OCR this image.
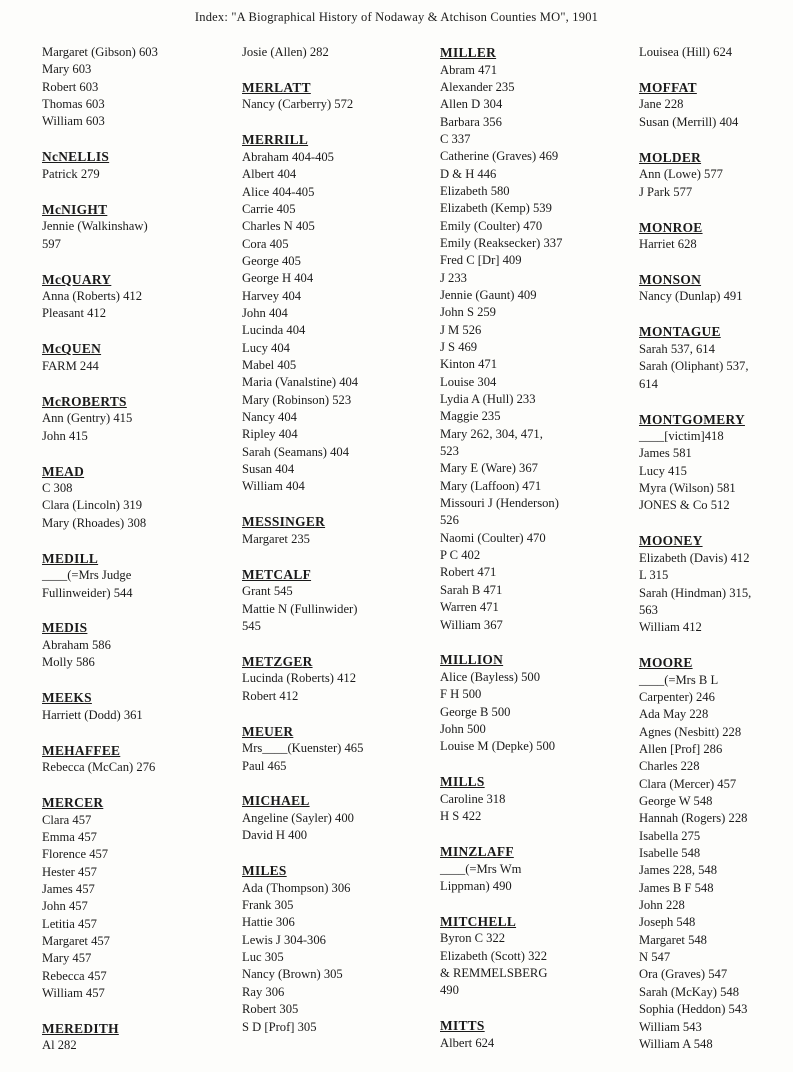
Index: "A Biographical History of Nodaway & Atchison Counties MO", 1901
Margaret (Gibson) 603
Mary 603
Robert 603
Thomas 603
William 603
NcNELLIS
Patrick 279
McNIGHT
Jennie (Walkinshaw)
597
McQUARY
Anna (Roberts) 412
Pleasant 412
McQUEN
FARM 244
McROBERTS
Ann (Gentry) 415
John 415
MEAD
C 308
Clara (Lincoln) 319
Mary (Rhoades) 308
MEDILL
____(=Mrs Judge
Fullinweider) 544
MEDIS
Abraham 586
Molly 586
MEEKS
Harriett (Dodd) 361
MEHAFFEE
Rebecca (McCan) 276
MERCER
Clara 457
Emma 457
Florence 457
Hester 457
James 457
John 457
Letitia 457
Margaret 457
Mary 457
Rebecca 457
William 457
MEREDITH
Al 282
Josie (Allen) 282
MERLATT
Nancy (Carberry) 572
MERRILL
Abraham 404-405
Albert 404
Alice 404-405
Carrie 405
Charles N 405
Cora 405
George 405
George H 404
Harvey 404
John 404
Lucinda 404
Lucy 404
Mabel 405
Maria (Vanalstine) 404
Mary (Robinson) 523
Nancy 404
Ripley 404
Sarah (Seamans) 404
Susan 404
William 404
MESSINGER
Margaret 235
METCALF
Grant 545
Mattie N (Fullinwider)
545
METZGER
Lucinda (Roberts) 412
Robert 412
MEUER
Mrs____(Kuenster) 465
Paul 465
MICHAEL
Angeline (Sayler) 400
David H 400
MILES
Ada (Thompson) 306
Frank 305
Hattie 306
Lewis J 304-306
Luc 305
Nancy (Brown) 305
Ray 306
Robert 305
S D [Prof] 305
MILLER
Abram 471
Alexander 235
Allen D 304
Barbara 356
C 337
Catherine (Graves) 469
D & H 446
Elizabeth 580
Elizabeth (Kemp) 539
Emily (Coulter) 470
Emily (Reaksecker) 337
Fred C [Dr] 409
J 233
Jennie (Gaunt) 409
John S 259
J M 526
J S 469
Kinton 471
Louise 304
Lydia A (Hull) 233
Maggie 235
Mary 262, 304, 471,
523
Mary E (Ware) 367
Mary (Laffoon) 471
Missouri J (Henderson)
526
Naomi (Coulter) 470
P C 402
Robert 471
Sarah B 471
Warren 471
William 367
MILLION
Alice (Bayless) 500
F H 500
George B 500
John 500
Louise M (Depke) 500
MILLS
Caroline 318
H S 422
MINZLAFF
____(=Mrs Wm
Lippman) 490
MITCHELL
Byron C 322
Elizabeth (Scott) 322
& REMMELSBERG
490
MITTS
Albert 624
Louisea (Hill) 624
MOFFAT
Jane 228
Susan (Merrill) 404
MOLDER
Ann (Lowe) 577
J Park 577
MONROE
Harriet 628
MONSON
Nancy (Dunlap) 491
MONTAGUE
Sarah 537, 614
Sarah (Oliphant) 537,
614
MONTGOMERY
____[victim]418
James 581
Lucy 415
Myra (Wilson) 581
JONES & Co 512
MOONEY
Elizabeth (Davis) 412
L 315
Sarah (Hindman) 315,
563
William 412
MOORE
____(=Mrs B L
Carpenter) 246
Ada May 228
Agnes (Nesbitt) 228
Allen [Prof] 286
Charles 228
Clara (Mercer) 457
George W 548
Hannah (Rogers) 228
Isabella 275
Isabelle 548
James 228, 548
James B F 548
John 228
Joseph 548
Margaret 548
N 547
Ora (Graves) 547
Sarah (McKay) 548
Sophia (Heddon) 543
William 543
William A 548
